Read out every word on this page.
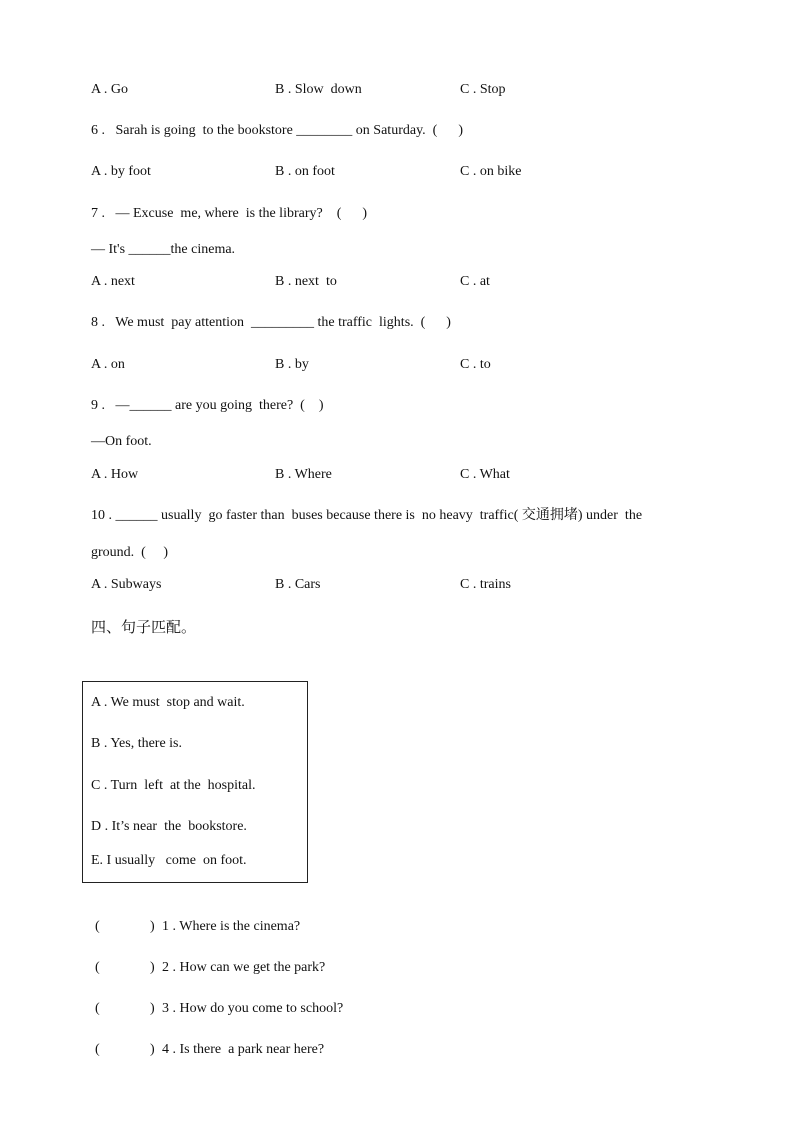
A . Go	B . Slow  down	C . Stop
6 .   Sarah is going  to the bookstore ________ on Saturday.  (      )
A . by foot	B . on foot	C . on bike
7 .   — Excuse  me, where  is the library?    (      )
— It's ______the cinema.
A . next	B . next  to	C . at
8 .   We must  pay attention  _________ the traffic  lights.  (      )
A . on	B . by	C . to
9 .   —______ are you going  there?  (    )
—On foot.
A . How	B . Where	C . What
10 . ______ usually  go faster than  buses because there is  no heavy  traffic( 交通拥堵) under  the
ground.  (     )
A . Subways	B . Cars	C . trains
四、句子匹配。
A . We must  stop and wait.
B . Yes, there is.
C . Turn  left  at the  hospital.
D . It’s near  the  bookstore.
E. I usually   come  on foot.
(	) 1 . Where is the cinema?
(	) 2 . How can we get the park?
(	) 3 . How do you come to school?
(	) 4 . Is there  a park near here?
